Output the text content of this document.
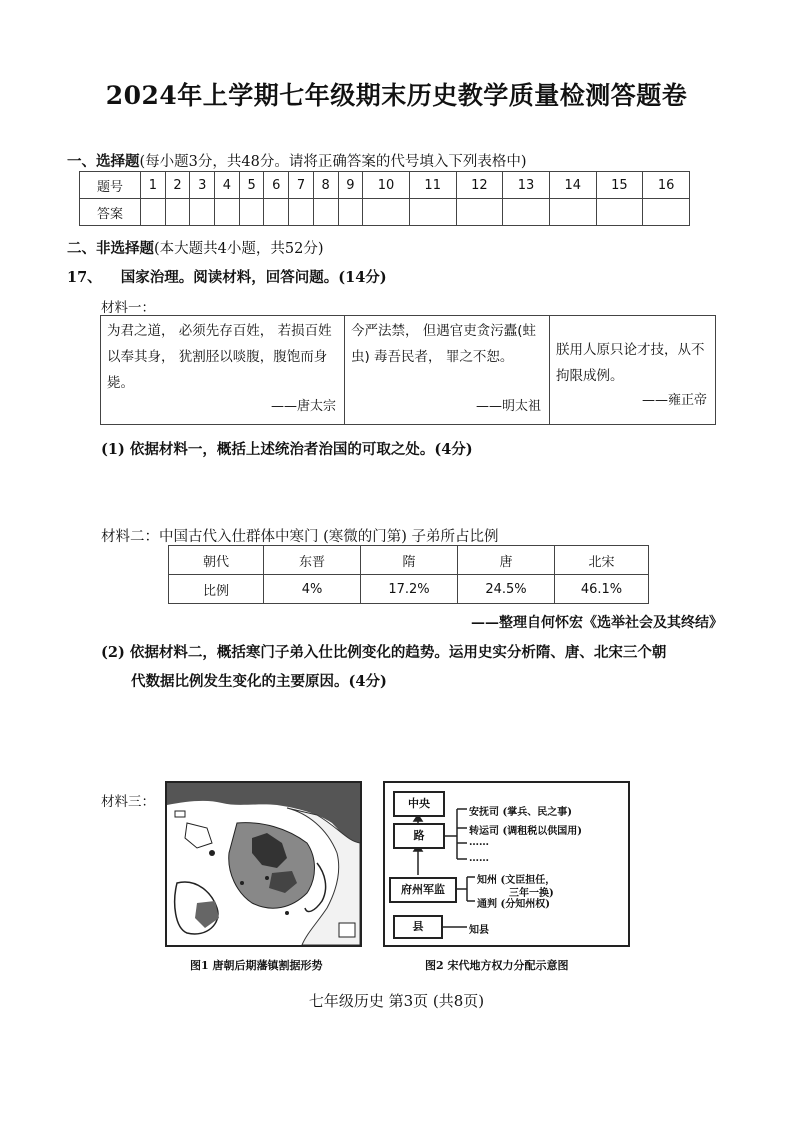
2024年上学期七年级期末历史教学质量检测答题卷
一、选择题(每小题3分，共48分。请将正确答案的代号填入下列表格中)
题号	1	2	3	4	5	6	7	8	9	10	11	12	13	14	15	16
答案																
二、非选择题(本大题共4小题，共52分)
17、 国家治理。阅读材料，回答问题。(14分)
材料一：
为君之道， 必须先存百姓， 若损百姓以奉其身， 犹割胫以啖腹，腹饱而身毙。
——唐太宗

今严法禁， 但遇官吏贪污蠹(蛀虫) 毒吾民者， 罪之不恕。
——明太祖

朕用人原只论才技，从不拘限成例。
——雍正帝
(1) 依据材料一，概括上述统治者治国的可取之处。(4分)
材料二：中国古代入仕群体中寒门 (寒微的门第) 子弟所占比例
朝代	东晋	隋	唐	北宋
比例	4%	17.2%	24.5%	46.1%
——整理自何怀宏《选举社会及其终结》
(2) 依据材料二，概括寒门子弟入仕比例变化的趋势。运用史实分析隋、唐、北宋三个朝
代数据比例发生变化的主要原因。(4分)
材料三：
图1 唐朝后期藩镇割据形势
中央
路
府州军监
县
安抚司 (掌兵、民之事)
转运司 (调租税以供国用)
……
……
知州 (文臣担任，
三年一换)
通判 (分知州权)
知县
图2 宋代地方权力分配示意图
七年级历史 第3页 (共8页)
